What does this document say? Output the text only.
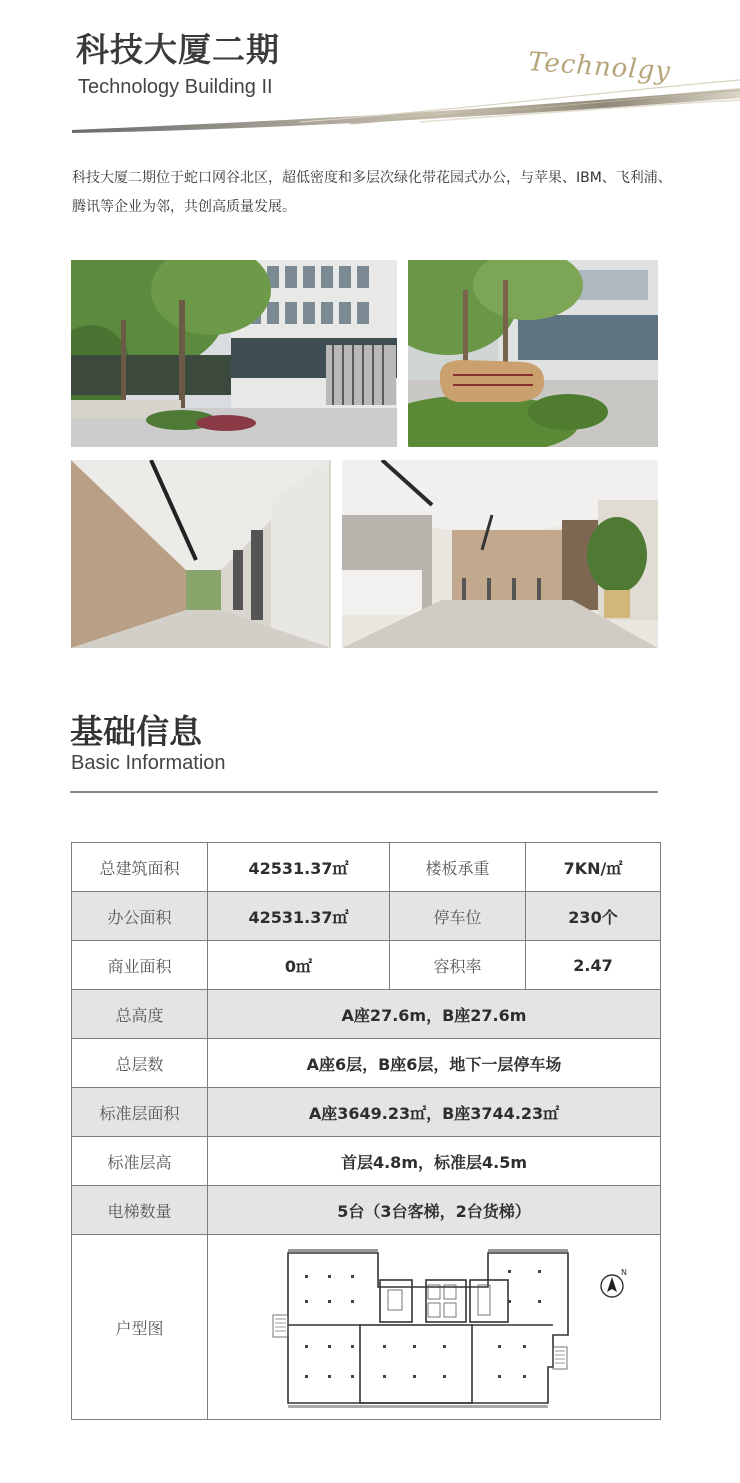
科技大厦二期
Technology Building II
Technolgy
科技大厦二期位于蛇口网谷北区，超低密度和多层次绿化带花园式办公，与苹果、IBM、飞利浦、腾讯等企业为邻，共创高质量发展。
基础信息
Basic Information
总建筑面积	42531.37㎡	楼板承重	7KN/㎡
办公面积	42531.37㎡	停车位	230个
商业面积	0㎡	容积率	2.47
总高度	A座27.6m，B座27.6m		
总层数	A座6层，B座6层，地下一层停车场		
标准层面积	A座3649.23㎡，B座3744.23㎡		
标准层高	首层4.8m，标准层4.5m		
电梯数量	5台（3台客梯，2台货梯）		
户型图	
N
